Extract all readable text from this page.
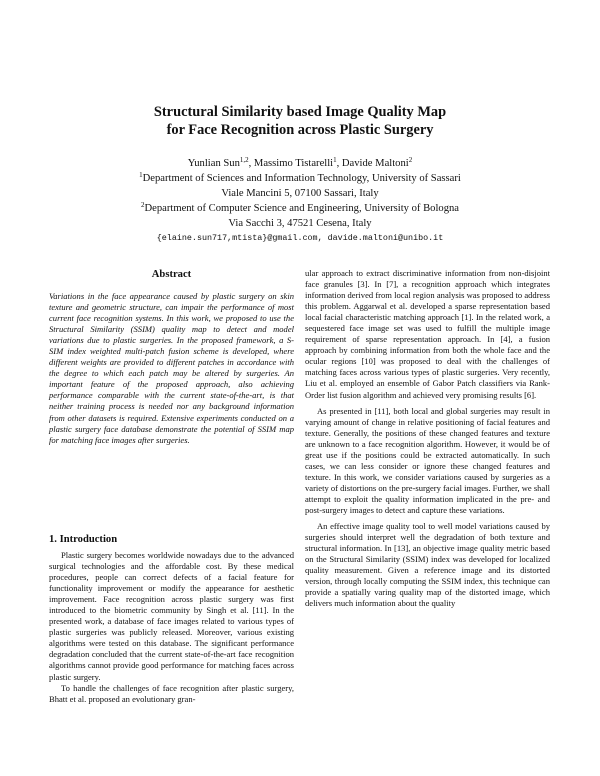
Structural Similarity based Image Quality Map
for Face Recognition across Plastic Surgery
Yunlian Sun$^{1,2}$, Massimo Tistarelli$^1$, Davide Maltoni$^2$
$^1$Department of Sciences and Information Technology, University of Sassari
Viale Mancini 5, 07100 Sassari, Italy
$^2$Department of Computer Science and Engineering, University of Bologna
Via Sacchi 3, 47521 Cesena, Italy
{elaine.sun717,mtista}@gmail.com, davide.maltoni@unibo.it
Abstract

Variations in the face appearance caused by plastic surgery on skin texture and geometric structure, can impair the performance of most current face recognition systems. In this work, we proposed to use the Structural Similarity (SSIM) quality map to detect and model variations due to plastic surgeries. In the proposed framework, a S-SIM index weighted multi-patch fusion scheme is developed, where different weights are provided to different patches in accordance with the degree to which each patch may be altered by surgeries. An important feature of the proposed approach, also achieving performance comparable with the current state-of-the-art, is that neither training process is needed nor any background information from other datasets is required. Extensive experiments conducted on a plastic surgery face database demonstrate the potential of SSIM map for matching face images after surgeries.

1. Introduction

Plastic surgery becomes worldwide nowadays due to the advanced surgical technologies and the affordable cost. By these medical procedures, people can correct defects of a facial feature for functionality improvement or modify the appearance for aesthetic improvement. Face recognition across plastic surgery was first introduced to the biometric community by Singh et al. [11]. In the presented work, a database of face images related to various types of plastic surgeries was publicly released. Moreover, various existing algorithms were tested on this database. The significant performance degradation concluded that the current state-of-the-art face recognition algorithms cannot provide good performance for matching faces across plastic surgery.

To handle the challenges of face recognition after plastic surgery, Bhatt et al. proposed an evolutionary gran-

ular approach to extract discriminative information from non-disjoint face granules [3]. In [7], a recognition approach which integrates information derived from local region analysis was proposed to address this problem. Aggarwal et al. developed a sparse representation based local facial characteristic matching approach [1]. In the related work, a sequestered face image set was used to fulfill the multiple image requirement of sparse representation approach. In [4], a fusion approach by combining information from both the whole face and the ocular regions [10] was proposed to deal with the challenges of matching faces across various types of plastic surgeries. Very recently, Liu et al. employed an ensemble of Gabor Patch classifiers via Rank-Order list fusion algorithm and achieved very promising results [6].

As presented in [11], both local and global surgeries may result in varying amount of change in relative positioning of facial features and texture. Generally, the positions of these changed features and texture are unknown to a face recognition algorithm. However, it would be of great use if the positions could be extracted automatically. In such cases, we can less consider or ignore these changed features and texture. In this work, we consider variations caused by surgeries as a variety of distortions on the pre-surgery facial images. Further, we shall attempt to exploit the quality information implicated in the pre- and post-surgery images to detect and capture these variations.

An effective image quality tool to well model variations caused by surgeries should interpret well the degradation of both texture and structural information. In [13], an objective image quality metric based on the Structural Similarity (SSIM) index was developed for localized quality measurement. Given a reference image and its distorted version, through locally computing the SSIM index, this technique can provide a spatially varing quality map of the distorted image, which delivers much information about the quality
